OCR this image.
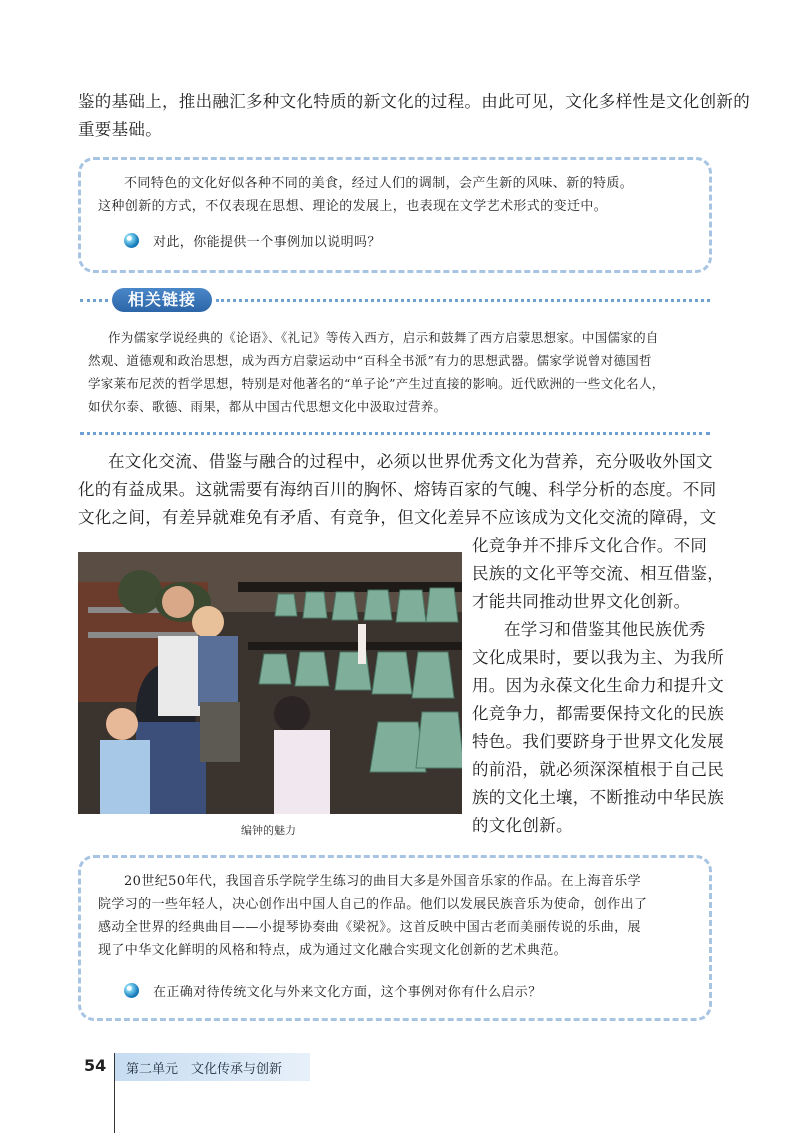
鉴的基础上，推出融汇多种文化特质的新文化的过程。由此可见，文化多样性是文化创新的
重要基础。
不同特色的文化好似各种不同的美食，经过人们的调制，会产生新的风味、新的特质。
这种创新的方式，不仅表现在思想、理论的发展上，也表现在文学艺术形式的变迁中。
对此，你能提供一个事例加以说明吗？
相关链接
作为儒家学说经典的《论语》、《礼记》等传入西方，启示和鼓舞了西方启蒙思想家。中国儒家的自
然观、道德观和政治思想，成为西方启蒙运动中“百科全书派”有力的思想武器。儒家学说曾对德国哲
学家莱布尼茨的哲学思想，特别是对他著名的“单子论”产生过直接的影响。近代欧洲的一些文化名人，
如伏尔泰、歌德、雨果，都从中国古代思想文化中汲取过营养。
在文化交流、借鉴与融合的过程中，必须以世界优秀文化为营养，充分吸收外国文
化的有益成果。这就需要有海纳百川的胸怀、熔铸百家的气魄、科学分析的态度。不同
文化之间，有差异就难免有矛盾、有竞争，但文化差异不应该成为文化交流的障碍，文
化竞争并不排斥文化合作。不同
民族的文化平等交流、相互借鉴，
才能共同推动世界文化创新。
在学习和借鉴其他民族优秀
文化成果时，要以我为主、为我所
用。因为永葆文化生命力和提升文
化竞争力，都需要保持文化的民族
特色。我们要跻身于世界文化发展
的前沿，就必须深深植根于自己民
族的文化土壤，不断推动中华民族
的文化创新。
编钟的魅力
20世纪50年代，我国音乐学院学生练习的曲目大多是外国音乐家的作品。在上海音乐学
院学习的一些年轻人，决心创作出中国人自己的作品。他们以发展民族音乐为使命，创作出了
感动全世界的经典曲目——小提琴协奏曲《梁祝》。这首反映中国古老而美丽传说的乐曲，展
现了中华文化鲜明的风格和特点，成为通过文化融合实现文化创新的艺术典范。
在正确对待传统文化与外来文化方面，这个事例对你有什么启示？
54 第二单元　文化传承与创新
